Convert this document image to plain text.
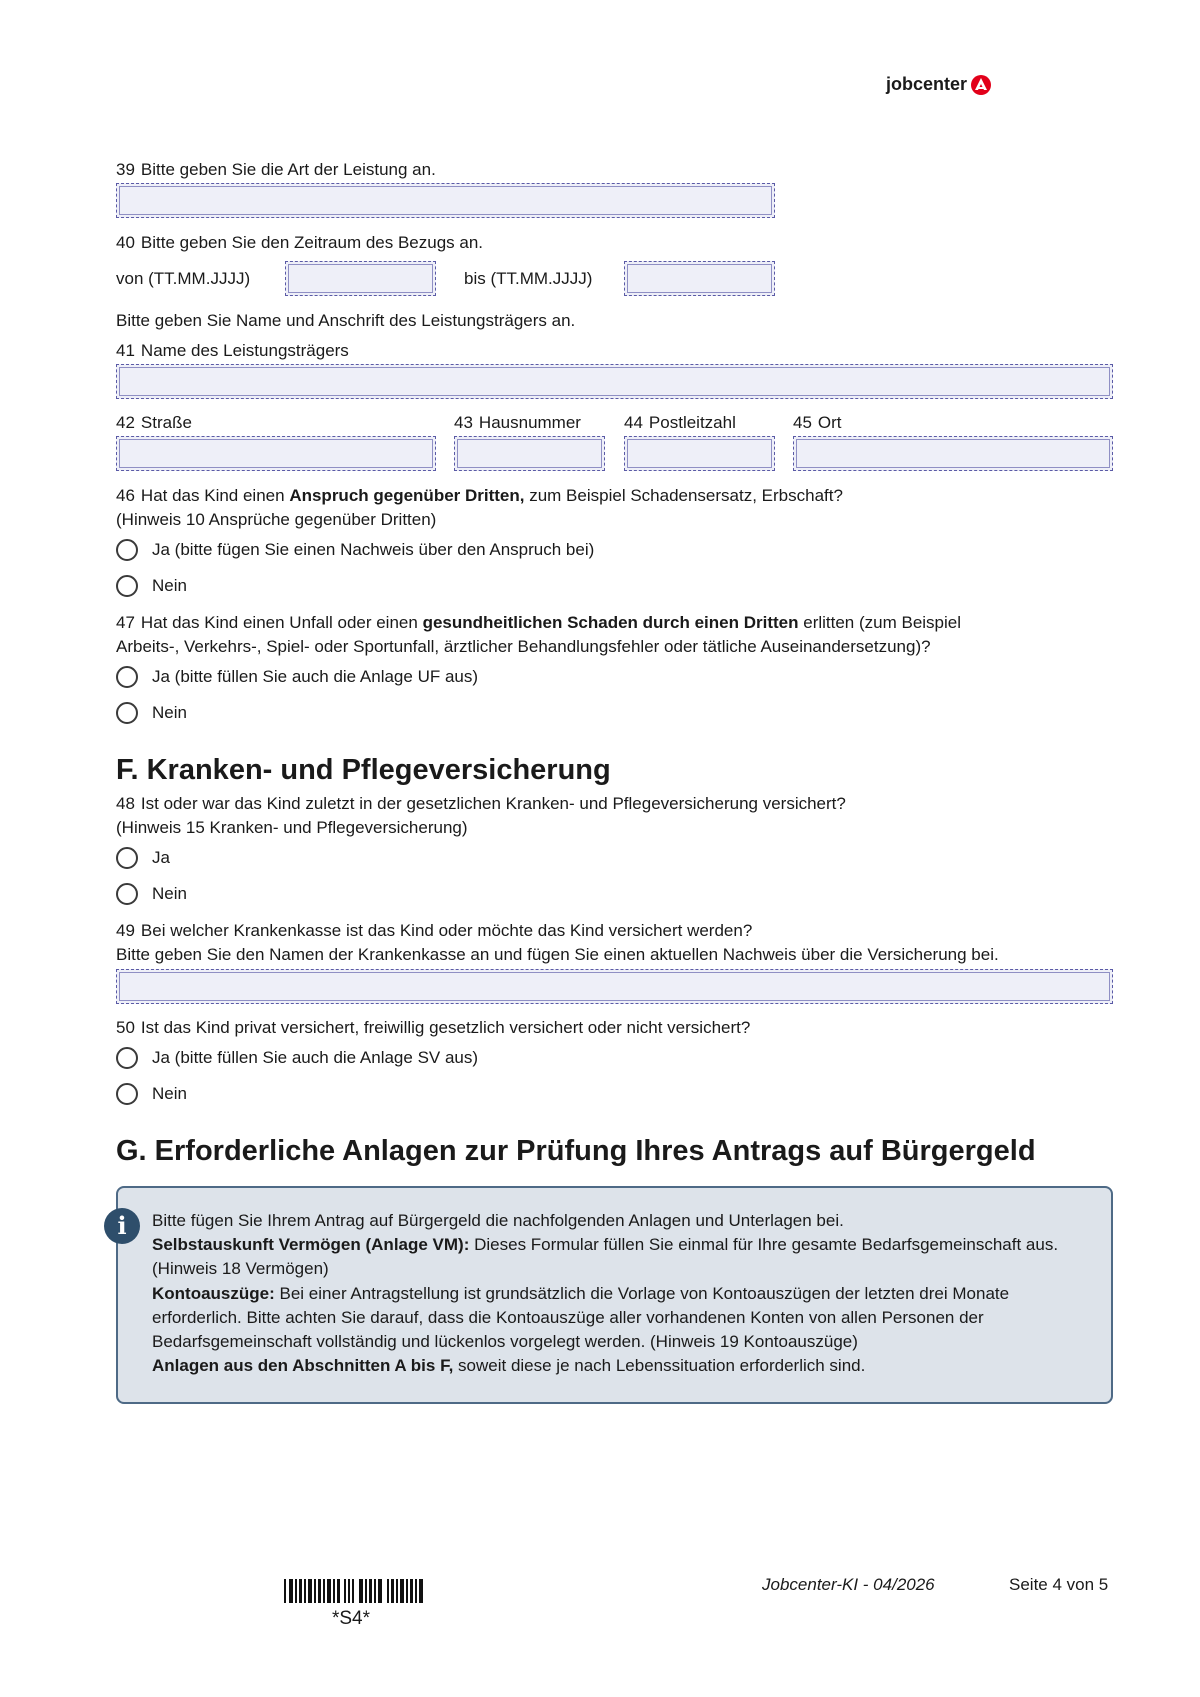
jobcenter
39 Bitte geben Sie die Art der Leistung an.
40 Bitte geben Sie den Zeitraum des Bezugs an.
von (TT.MM.JJJJ)	bis (TT.MM.JJJJ)
Bitte geben Sie Name und Anschrift des Leistungsträgers an.
41 Name des Leistungsträgers
42 Straße	43 Hausnummer	44 Postleitzahl	45 Ort
46 Hat das Kind einen Anspruch gegenüber Dritten, zum Beispiel Schadensersatz, Erbschaft?
(Hinweis 10 Ansprüche gegenüber Dritten)
Ja (bitte fügen Sie einen Nachweis über den Anspruch bei)
Nein
47 Hat das Kind einen Unfall oder einen gesundheitlichen Schaden durch einen Dritten erlitten (zum Beispiel
Arbeits-, Verkehrs-, Spiel- oder Sportunfall, ärztlicher Behandlungsfehler oder tätliche Auseinandersetzung)?
Ja (bitte füllen Sie auch die Anlage UF aus)
Nein
F. Kranken- und Pflegeversicherung
48 Ist oder war das Kind zuletzt in der gesetzlichen Kranken- und Pflegeversicherung versichert?
(Hinweis 15 Kranken- und Pflegeversicherung)
Ja
Nein
49 Bei welcher Krankenkasse ist das Kind oder möchte das Kind versichert werden?
Bitte geben Sie den Namen der Krankenkasse an und fügen Sie einen aktuellen Nachweis über die Versicherung bei.
50 Ist das Kind privat versichert, freiwillig gesetzlich versichert oder nicht versichert?
Ja (bitte füllen Sie auch die Anlage SV aus)
Nein
G. Erforderliche Anlagen zur Prüfung Ihres Antrags auf Bürgergeld
i	Bitte fügen Sie Ihrem Antrag auf Bürgergeld die nachfolgenden Anlagen und Unterlagen bei.
Selbstauskunft Vermögen (Anlage VM): Dieses Formular füllen Sie einmal für Ihre gesamte Bedarfsgemeinschaft aus.
(Hinweis 18 Vermögen)
Kontoauszüge: Bei einer Antragstellung ist grundsätzlich die Vorlage von Kontoauszügen der letzten drei Monate
erforderlich. Bitte achten Sie darauf, dass die Kontoauszüge aller vorhandenen Konten von allen Personen der
Bedarfsgemeinschaft vollständig und lückenlos vorgelegt werden. (Hinweis 19 Kontoauszüge)
Anlagen aus den Abschnitten A bis F, soweit diese je nach Lebenssituation erforderlich sind.
*S4*
Jobcenter-KI - 04/2026	Seite 4 von 5
